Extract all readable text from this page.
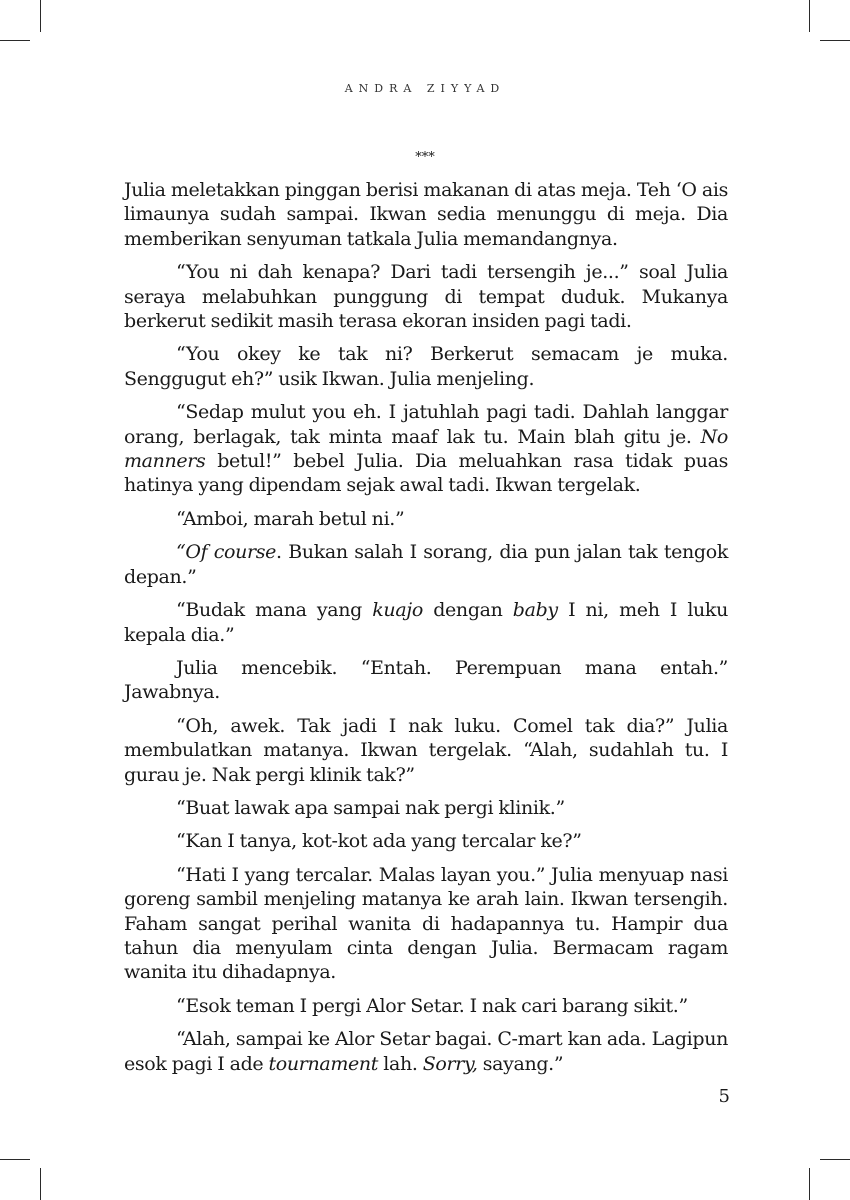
ANDRA ZIYYAD
***

Julia meletakkan pinggan berisi makanan di atas meja. Teh ‘O ais limaunya sudah sampai. Ikwan sedia menunggu di meja. Dia memberikan senyuman tatkala Julia memandangnya.

“You ni dah kenapa? Dari tadi tersengih je...” soal Julia seraya melabuhkan punggung di tempat duduk. Mukanya berkerut sedikit masih terasa ekoran insiden pagi tadi.

“You okey ke tak ni? Berkerut semacam je muka. Senggugut eh?” usik Ikwan. Julia menjeling.

“Sedap mulut you eh. I jatuhlah pagi tadi. Dahlah langgar orang, berlagak, tak minta maaf lak tu. Main blah gitu je. No manners betul!” bebel Julia. Dia meluahkan rasa tidak puas hatinya yang dipendam sejak awal tadi. Ikwan tergelak.

“Amboi, marah betul ni.”

“Of course. Bukan salah I sorang, dia pun jalan tak tengok depan.”

“Budak mana yang kuajo dengan baby I ni, meh I luku kepala dia.”

Julia mencebik. “Entah. Perempuan mana entah.” Jawabnya.

“Oh, awek. Tak jadi I nak luku. Comel tak dia?” Julia membulatkan matanya. Ikwan tergelak. “Alah, sudahlah tu. I gurau je. Nak pergi klinik tak?”

“Buat lawak apa sampai nak pergi klinik.”

“Kan I tanya, kot-kot ada yang tercalar ke?”

“Hati I yang tercalar. Malas layan you.” Julia menyuap nasi goreng sambil menjeling matanya ke arah lain. Ikwan tersengih. Faham sangat perihal wanita di hadapannya tu. Hampir dua tahun dia menyulam cinta dengan Julia. Bermacam ragam wanita itu dihadapnya.

“Esok teman I pergi Alor Setar. I nak cari barang sikit.”

“Alah, sampai ke Alor Setar bagai. C-mart kan ada. Lagipun esok pagi I ade tournament lah. Sorry, sayang.”

5
